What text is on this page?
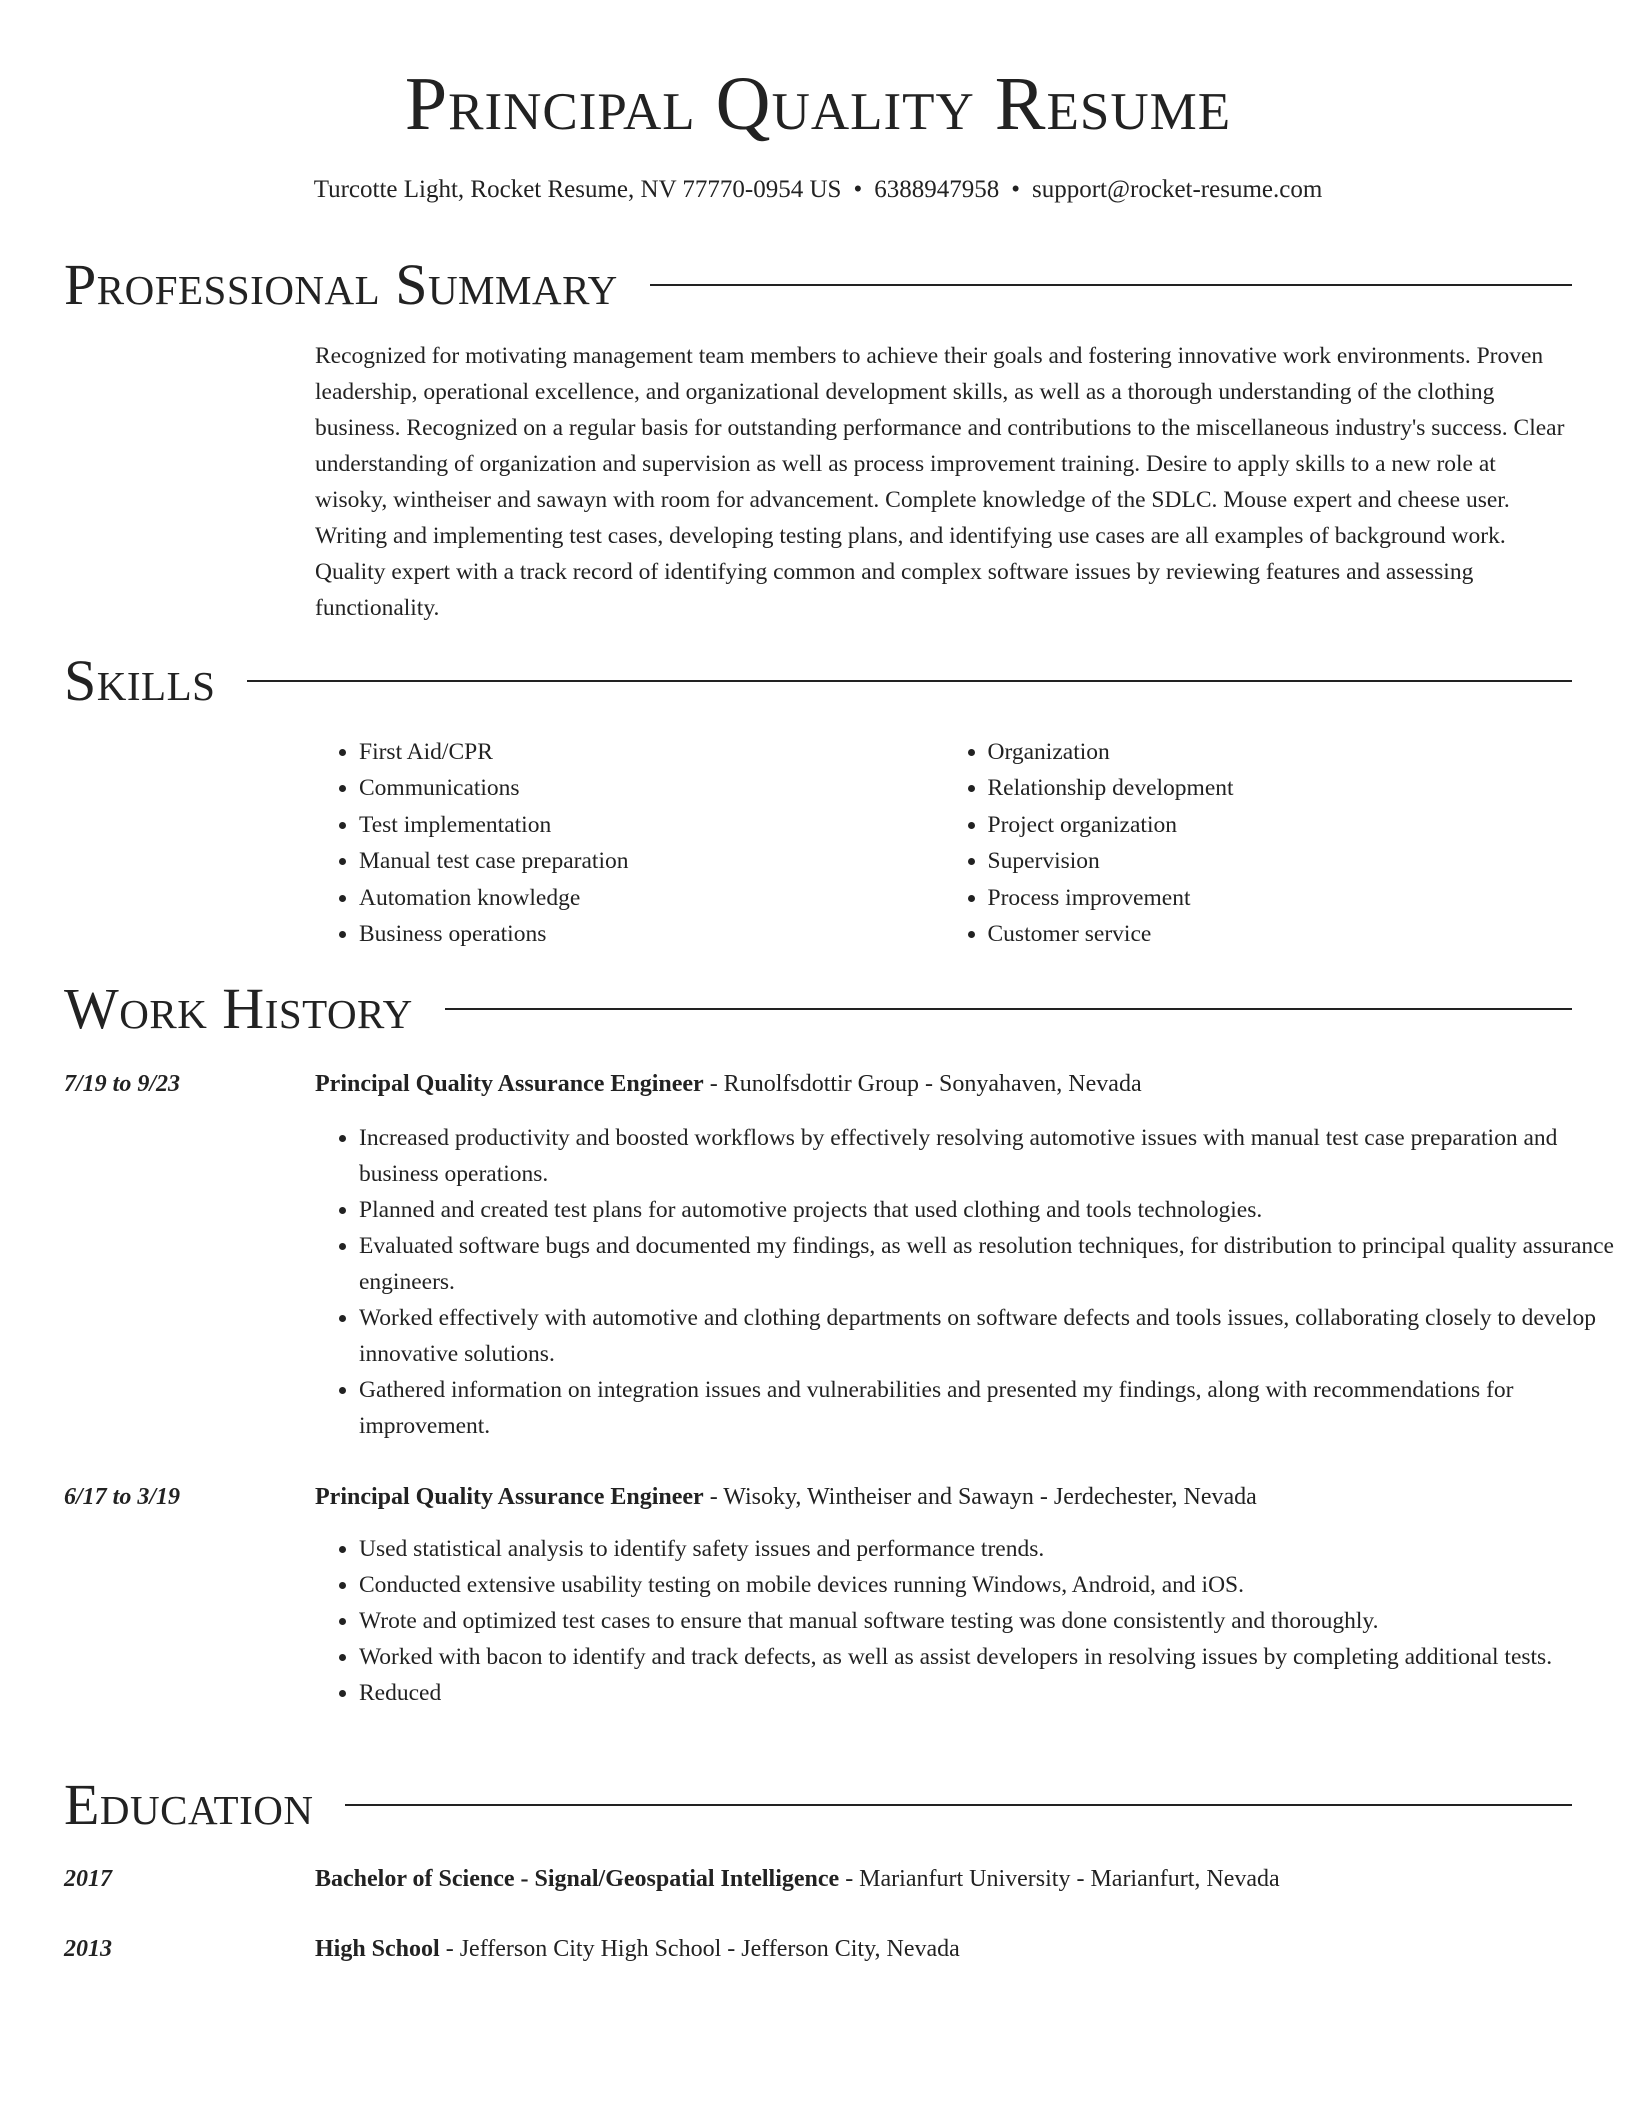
Principal Quality Resume
Turcotte Light, Rocket Resume, NV 77770-0954 US • 6388947958 • support@rocket-resume.com
Professional Summary

Recognized for motivating management team members to achieve their goals and fostering innovative work environments. Proven leadership, operational excellence, and organizational development skills, as well as a thorough understanding of the clothing business. Recognized on a regular basis for outstanding performance and contributions to the miscellaneous industry's success. Clear understanding of organization and supervision as well as process improvement training. Desire to apply skills to a new role at wisoky, wintheiser and sawayn with room for advancement. Complete knowledge of the SDLC. Mouse expert and cheese user. Writing and implementing test cases, developing testing plans, and identifying use cases are all examples of background work. Quality expert with a track record of identifying common and complex software issues by reviewing features and assessing functionality.

Skills
• First Aid/CPR
• Communications
• Test implementation
• Manual test case preparation
• Automation knowledge
• Business operations
• Organization
• Relationship development
• Project organization
• Supervision
• Process improvement
• Customer service
Work History
7/19 to 9/23	Principal Quality Assurance Engineer - Runolfsdottir Group - Sonyahaven, Nevada
• Increased productivity and boosted workflows by effectively resolving automotive issues with manual test case preparation and business operations.
• Planned and created test plans for automotive projects that used clothing and tools technologies.
• Evaluated software bugs and documented my findings, as well as resolution techniques, for distribution to principal quality assurance engineers.
• Worked effectively with automotive and clothing departments on software defects and tools issues, collaborating closely to develop innovative solutions.
• Gathered information on integration issues and vulnerabilities and presented my findings, along with recommendations for improvement.
6/17 to 3/19	Principal Quality Assurance Engineer - Wisoky, Wintheiser and Sawayn - Jerdechester, Nevada
• Used statistical analysis to identify safety issues and performance trends.
• Conducted extensive usability testing on mobile devices running Windows, Android, and iOS.
• Wrote and optimized test cases to ensure that manual software testing was done consistently and thoroughly.
• Worked with bacon to identify and track defects, as well as assist developers in resolving issues by completing additional tests.
• Reduced
Education
2017	Bachelor of Science - Signal/Geospatial Intelligence - Marianfurt University - Marianfurt, Nevada
2013	High School - Jefferson City High School - Jefferson City, Nevada
